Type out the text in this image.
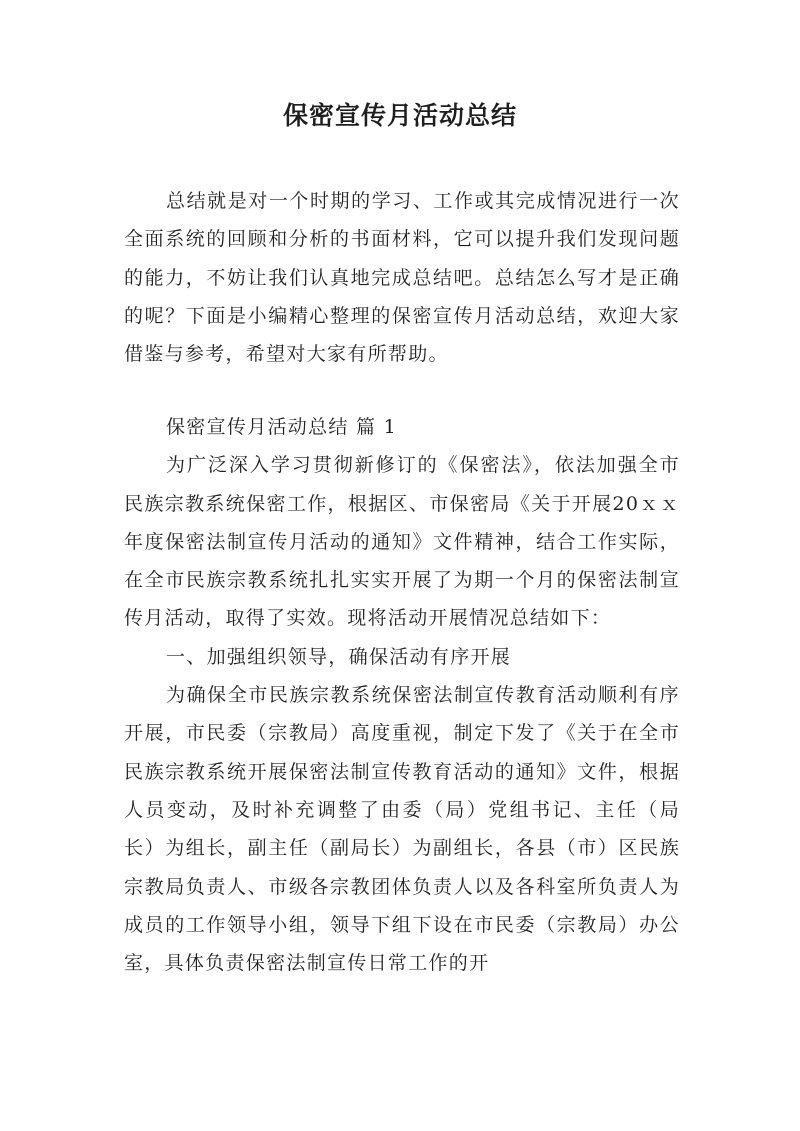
保密宣传月活动总结

总结就是对一个时期的学习、工作或其完成情况进行一次全面系统的回顾和分析的书面材料，它可以提升我们发现问题的能力，不妨让我们认真地完成总结吧。总结怎么写才是正确的呢？下面是小编精心整理的保密宣传月活动总结，欢迎大家借鉴与参考，希望对大家有所帮助。

保密宣传月活动总结 篇 1

为广泛深入学习贯彻新修订的《保密法》，依法加强全市民族宗教系统保密工作，根据区、市保密局《关于开展20ｘｘ年度保密法制宣传月活动的通知》文件精神，结合工作实际，在全市民族宗教系统扎扎实实开展了为期一个月的保密法制宣传月活动，取得了实效。现将活动开展情况总结如下：

一、加强组织领导，确保活动有序开展

为确保全市民族宗教系统保密法制宣传教育活动顺利有序开展，市民委（宗教局）高度重视，制定下发了《关于在全市民族宗教系统开展保密法制宣传教育活动的通知》文件，根据人员变动，及时补充调整了由委（局）党组书记、主任（局长）为组长，副主任（副局长）为副组长，各县（市）区民族宗教局负责人、市级各宗教团体负责人以及各科室所负责人为成员的工作领导小组，领导下组下设在市民委（宗教局）办公室，具体负责保密法制宣传日常工作的开
